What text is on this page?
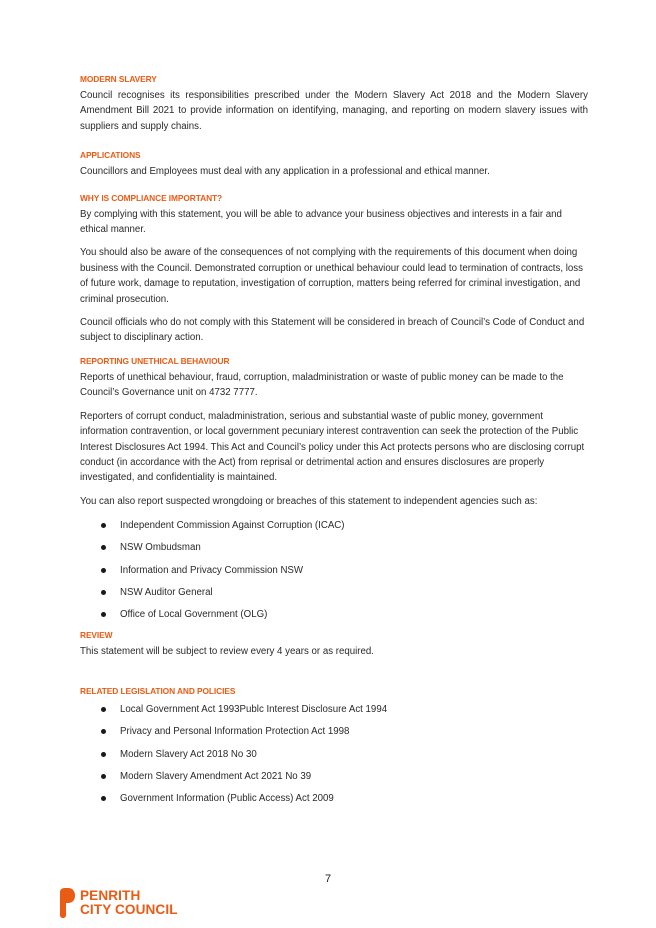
MODERN SLAVERY

Council recognises its responsibilities prescribed under the Modern Slavery Act 2018 and the Modern Slavery Amendment Bill 2021 to provide information on identifying, managing, and reporting on modern slavery issues with suppliers and supply chains.

APPLICATIONS

Councillors and Employees must deal with any application in a professional and ethical manner.

WHY IS COMPLIANCE IMPORTANT?

By complying with this statement, you will be able to advance your business objectives and interests in a fair and ethical manner.

You should also be aware of the consequences of not complying with the requirements of this document when doing business with the Council. Demonstrated corruption or unethical behaviour could lead to termination of contracts, loss of future work, damage to reputation, investigation of corruption, matters being referred for criminal investigation, and criminal prosecution.

Council officials who do not comply with this Statement will be considered in breach of Council’s Code of Conduct and subject to disciplinary action.

REPORTING UNETHICAL BEHAVIOUR

Reports of unethical behaviour, fraud, corruption, maladministration or waste of public money can be made to the Council’s Governance unit on 4732 7777.

Reporters of corrupt conduct, maladministration, serious and substantial waste of public money, government information contravention, or local government pecuniary interest contravention can seek the protection of the Public Interest Disclosures Act 1994. This Act and Council’s policy under this Act protects persons who are disclosing corrupt conduct (in accordance with the Act) from reprisal or detrimental action and ensures disclosures are properly investigated, and confidentiality is maintained.

You can also report suspected wrongdoing or breaches of this statement to independent agencies such as:

Independent Commission Against Corruption (ICAC)
NSW Ombudsman
Information and Privacy Commission NSW
NSW Auditor General
Office of Local Government (OLG)
REVIEW

This statement will be subject to review every 4 years or as required.

RELATED LEGISLATION AND POLICIES
Local Government Act 1993Publc Interest Disclosure Act 1994
Privacy and Personal Information Protection Act 1998
Modern Slavery Act 2018 No 30
Modern Slavery Amendment Act 2021 No 39
Government Information (Public Access) Act 2009
7
PENRITH
CITY COUNCIL
